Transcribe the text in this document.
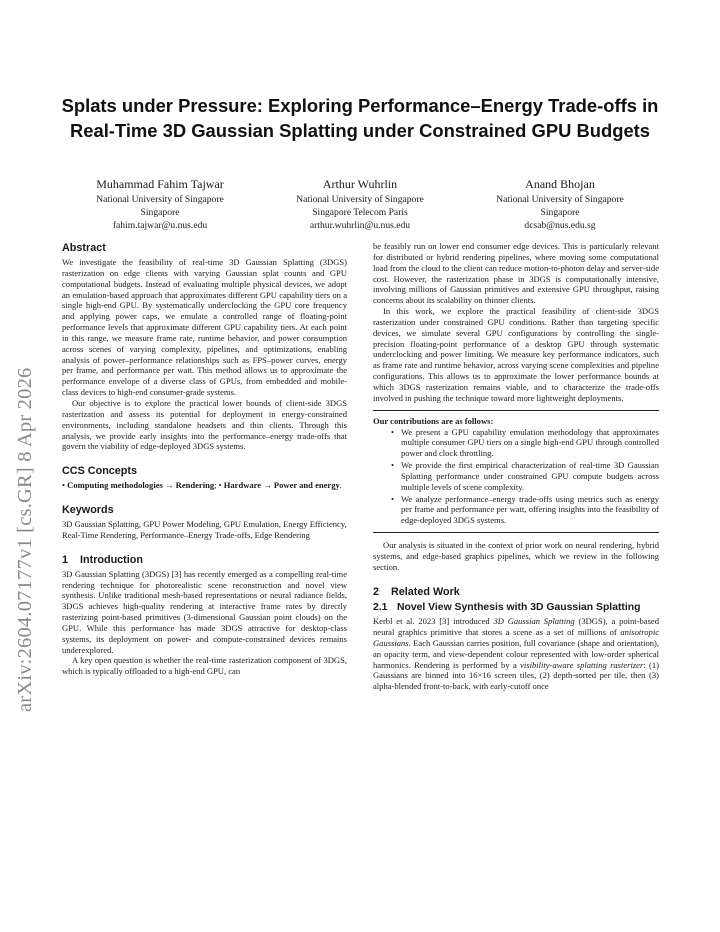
arXiv:2604.07177v1 [cs.GR] 8 Apr 2026
Splats under Pressure: Exploring Performance–Energy Trade-offs in Real-Time 3D Gaussian Splatting under Constrained GPU Budgets
Muhammad Fahim Tajwar
National University of Singapore
Singapore
fahim.tajwar@u.nus.edu
Arthur Wuhrlin
National University of Singapore
Singapore Telecom Paris
arthur.wuhrlin@u.nus.edu
Anand Bhojan
National University of Singapore
Singapore
dcsab@nus.edu.sg
Abstract

We investigate the feasibility of real-time 3D Gaussian Splatting (3DGS) rasterization on edge clients with varying Gaussian splat counts and GPU computational budgets. Instead of evaluating multiple physical devices, we adopt an emulation-based approach that approximates different GPU capability tiers on a single high-end GPU. By systematically underclocking the GPU core frequency and applying power caps, we emulate a controlled range of floating-point performance levels that approximate different GPU capability tiers. At each point in this range, we measure frame rate, runtime behavior, and power consumption across scenes of varying complexity, pipelines, and optimizations, enabling analysis of power–performance relationships such as FPS–power curves, energy per frame, and performance per watt. This method allows us to approximate the performance envelope of a diverse class of GPUs, from embedded and mobile-class devices to high-end consumer-grade systems.

Our objective is to explore the practical lower bounds of client-side 3DGS rasterization and assess its potential for deployment in energy-constrained environments, including standalone headsets and thin clients. Through this analysis, we provide early insights into the performance–energy trade-offs that govern the viability of edge-deployed 3DGS systems.

CCS Concepts

• Computing methodologies → Rendering; • Hardware → Power and energy.

Keywords

3D Gaussian Splatting, GPU Power Modeling, GPU Emulation, Energy Efficiency, Real-Time Rendering, Performance–Energy Trade-offs, Edge Rendering

1 Introduction

3D Gaussian Splatting (3DGS) [3] has recently emerged as a compelling real-time rendering technique for photorealistic scene reconstruction and novel view synthesis. Unlike traditional mesh-based representations or neural radiance fields, 3DGS achieves high-quality rendering at interactive frame rates by directly rasterizing point-based primitives (3-dimensional Gaussian point clouds) on the GPU. While this performance has made 3DGS attractive for desktop-class systems, its deployment on power- and compute-constrained devices remains underexplored.

A key open question is whether the real-time rasterization component of 3DGS, which is typically offloaded to a high-end GPU, can

be feasibly run on lower end consumer edge devices. This is particularly relevant for distributed or hybrid rendering pipelines, where moving some computational load from the cloud to the client can reduce motion-to-photon delay and server-side cost. However, the rasterization phase in 3DGS is computationally intensive, involving millions of Gaussian primitives and extensive GPU throughput, raising concerns about its scalability on thinner clients.

In this work, we explore the practical feasibility of client-side 3DGS rasterization under constrained GPU conditions. Rather than targeting specific devices, we simulate several GPU configurations by controlling the single-precision floating-point performance of a desktop GPU through systematic underclocking and power limiting. We measure key performance indicators, such as frame rate and runtime behavior, across varying scene complexities and pipeline configurations. This allows us to approximate the lower performance bounds at which 3DGS rasterization remains viable, and to characterize the trade-offs involved in pushing the technique toward more lightweight deployments.

Our contributions are as follows:

• We present a GPU capability emulation methodology that approximates multiple consumer GPU tiers on a single high-end GPU through controlled power and clock throttling.
• We provide the first empirical characterization of real-time 3D Gaussian Splatting performance under constrained GPU compute budgets across multiple levels of scene complexity.
• We analyze performance–energy trade-offs using metrics such as energy per frame and performance per watt, offering insights into the feasibility of edge-deployed 3DGS systems.

Our analysis is situated in the context of prior work on neural rendering, hybrid systems, and edge-based graphics pipelines, which we review in the following section.

2 Related Work
2.1 Novel View Synthesis with 3D Gaussian Splatting

Kerbl et al. 2023 [3] introduced 3D Gaussian Splatting (3DGS), a point-based neural graphics primitive that stores a scene as a set of millions of anisotropic Gaussians. Each Gaussian carries position, full covariance (shape and orientation), an opacity term, and view-dependent colour represented with low-order spherical harmonics. Rendering is performed by a visibility-aware splatting rasterizer: (1) Gaussians are binned into 16×16 screen tiles, (2) depth-sorted per tile, then (3) alpha-blended front-to-back, with early-cutoff once
